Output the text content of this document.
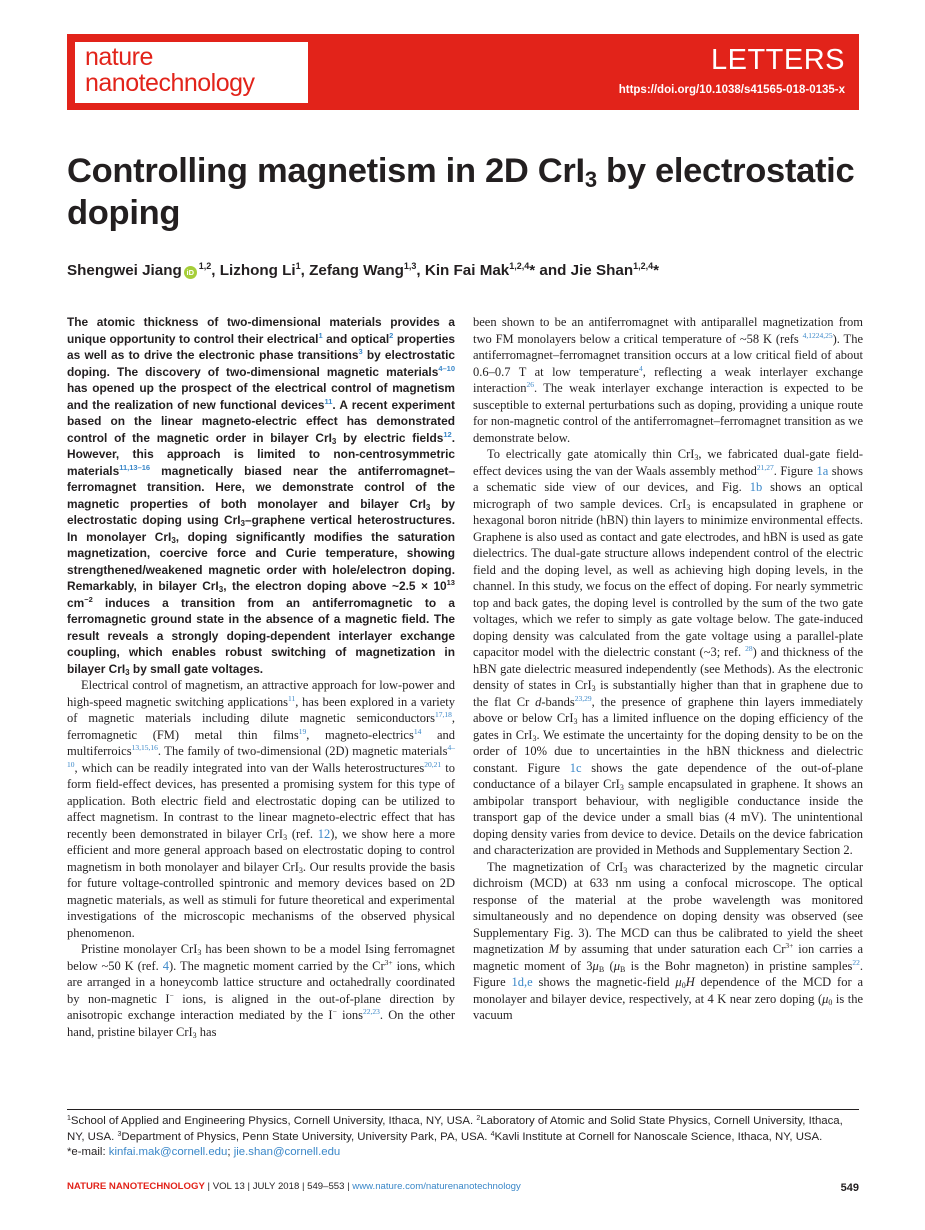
nature
nanotechnology
LETTERS
https://doi.org/10.1038/s41565-018-0135-x
Controlling magnetism in 2D CrI$_3$ by electrostatic doping
Shengwei Jiang iD$^{1,2}$, Lizhong Li$^1$, Zefang Wang$^{1,3}$, Kin Fai Mak$^{1,2,4}$* and Jie Shan$^{1,2,4}$*

The atomic thickness of two-dimensional materials provides a unique opportunity to control their electrical$^1$ and optical$^2$ properties as well as to drive the electronic phase transitions$^3$ by electrostatic doping. The discovery of two-dimensional magnetic materials$^{4-10}$ has opened up the prospect of the electrical control of magnetism and the realization of new functional devices$^{11}$. A recent experiment based on the linear magneto-electric effect has demonstrated control of the magnetic order in bilayer CrI$_3$ by electric fields$^{12}$. However, this approach is limited to non-centrosymmetric materials$^{11,13-16}$ magnetically biased near the antiferromagnet–ferromagnet transition. Here, we demonstrate control of the magnetic properties of both monolayer and bilayer CrI$_3$ by electrostatic doping using CrI$_3$–graphene vertical heterostructures. In monolayer CrI$_3$, doping significantly modifies the saturation magnetization, coercive force and Curie temperature, showing strengthened/weakened magnetic order with hole/electron doping. Remarkably, in bilayer CrI$_3$, the electron doping above ~2.5 × $10^{13}$ $cm^{-2}$ induces a transition from an antiferromagnetic to a ferromagnetic ground state in the absence of a magnetic field. The result reveals a strongly doping-dependent interlayer exchange coupling, which enables robust switching of magnetization in bilayer CrI$_3$ by small gate voltages.

Electrical control of magnetism, an attractive approach for low-power and high-speed magnetic switching applications$^{11}$, has been explored in a variety of magnetic materials including dilute magnetic semiconductors$^{17,18}$, ferromagnetic (FM) metal thin films$^{19}$, magneto-electrics$^{14}$ and multiferroics$^{13,15,16}$. The family of two-dimensional (2D) magnetic materials$^{4-10}$, which can be readily integrated into van der Walls heterostructures$^{20,21}$ to form field-effect devices, has presented a promising system for this type of application. Both electric field and electrostatic doping can be utilized to affect magnetism. In contrast to the linear magneto-electric effect that has recently been demonstrated in bilayer CrI$_3$ (ref. 12), we show here a more efficient and more general approach based on electrostatic doping to control magnetism in both monolayer and bilayer CrI$_3$. Our results provide the basis for future voltage-controlled spintronic and memory devices based on 2D magnetic materials, as well as stimuli for future theoretical and experimental investigations of the microscopic mechanisms of the observed physical phenomenon.

Pristine monolayer CrI$_3$ has been shown to be a model Ising ferromagnet below ~50 K (ref. 4). The magnetic moment carried by the $Cr^{3+}$ ions, which are arranged in a honeycomb lattice structure and octahedrally coordinated by non-magnetic I− ions, is aligned in the out-of-plane direction by anisotropic exchange interaction mediated by the I− ions$^{22,23}$. On the other hand, pristine bilayer CrI$_3$ has

been shown to be an antiferromagnet with antiparallel magnetization from two FM monolayers below a critical temperature of ~58 K (refs $^{4,1224,25}$). The antiferromagnet–ferromagnet transition occurs at a low critical field of about 0.6–0.7 T at low temperature$^4$, reflecting a weak interlayer exchange interaction$^{26}$. The weak interlayer exchange interaction is expected to be susceptible to external perturbations such as doping, providing a unique route for non-magnetic control of the antiferromagnet–ferromagnet transition as we demonstrate below.

To electrically gate atomically thin CrI$_3$, we fabricated dual-gate field-effect devices using the van der Waals assembly method$^{21,27}$. Figure 1a shows a schematic side view of our devices, and Fig. 1b shows an optical micrograph of two sample devices. CrI$_3$ is encapsulated in graphene or hexagonal boron nitride (hBN) thin layers to minimize environmental effects. Graphene is also used as contact and gate electrodes, and hBN is used as gate dielectrics. The dual-gate structure allows independent control of the electric field and the doping level, as well as achieving high doping levels, in the channel. In this study, we focus on the effect of doping. For nearly symmetric top and back gates, the doping level is controlled by the sum of the two gate voltages, which we refer to simply as gate voltage below. The gate-induced doping density was calculated from the gate voltage using a parallel-plate capacitor model with the dielectric constant (~3; ref. $^{28}$) and thickness of the hBN gate dielectric measured independently (see Methods). As the electronic density of states in CrI$_3$ is substantially higher than that in graphene due to the flat Cr d-bands$^{23,29}$, the presence of graphene thin layers immediately above or below CrI$_3$ has a limited influence on the doping efficiency of the gates in CrI$_3$. We estimate the uncertainty for the doping density to be on the order of 10% due to uncertainties in the hBN thickness and dielectric constant. Figure 1c shows the gate dependence of the out-of-plane conductance of a bilayer CrI$_3$ sample encapsulated in graphene. It shows an ambipolar transport behaviour, with negligible conductance inside the transport gap of the device under a small bias (4 mV). The unintentional doping density varies from device to device. Details on the device fabrication and characterization are provided in Methods and Supplementary Section 2.

The magnetization of CrI$_3$ was characterized by the magnetic circular dichroism (MCD) at 633 nm using a confocal microscope. The optical response of the material at the probe wavelength was monitored simultaneously and no dependence on doping density was observed (see Supplementary Fig. 3). The MCD can thus be calibrated to yield the sheet magnetization M by assuming that under saturation each $Cr^{3+}$ ion carries a magnetic moment of $3\mu_B$ ($\mu_B$ is the Bohr magneton) in pristine samples$^{22}$. Figure 1d,e shows the magnetic-field $\mu_0H$ dependence of the MCD for a monolayer and bilayer device, respectively, at 4 K near zero doping ($\mu_0$ is the vacuum

$^1$School of Applied and Engineering Physics, Cornell University, Ithaca, NY, USA. $^2$Laboratory of Atomic and Solid State Physics, Cornell University, Ithaca, NY, USA. $^3$Department of Physics, Penn State University, University Park, PA, USA. $^4$Kavli Institute at Cornell for Nanoscale Science, Ithaca, NY, USA.
*e-mail: kinfai.mak@cornell.edu; jie.shan@cornell.edu
NATURE NANOTECHNOLOGY | VOL 13 | JULY 2018 | 549–553 | www.nature.com/naturenanotechnology	549
